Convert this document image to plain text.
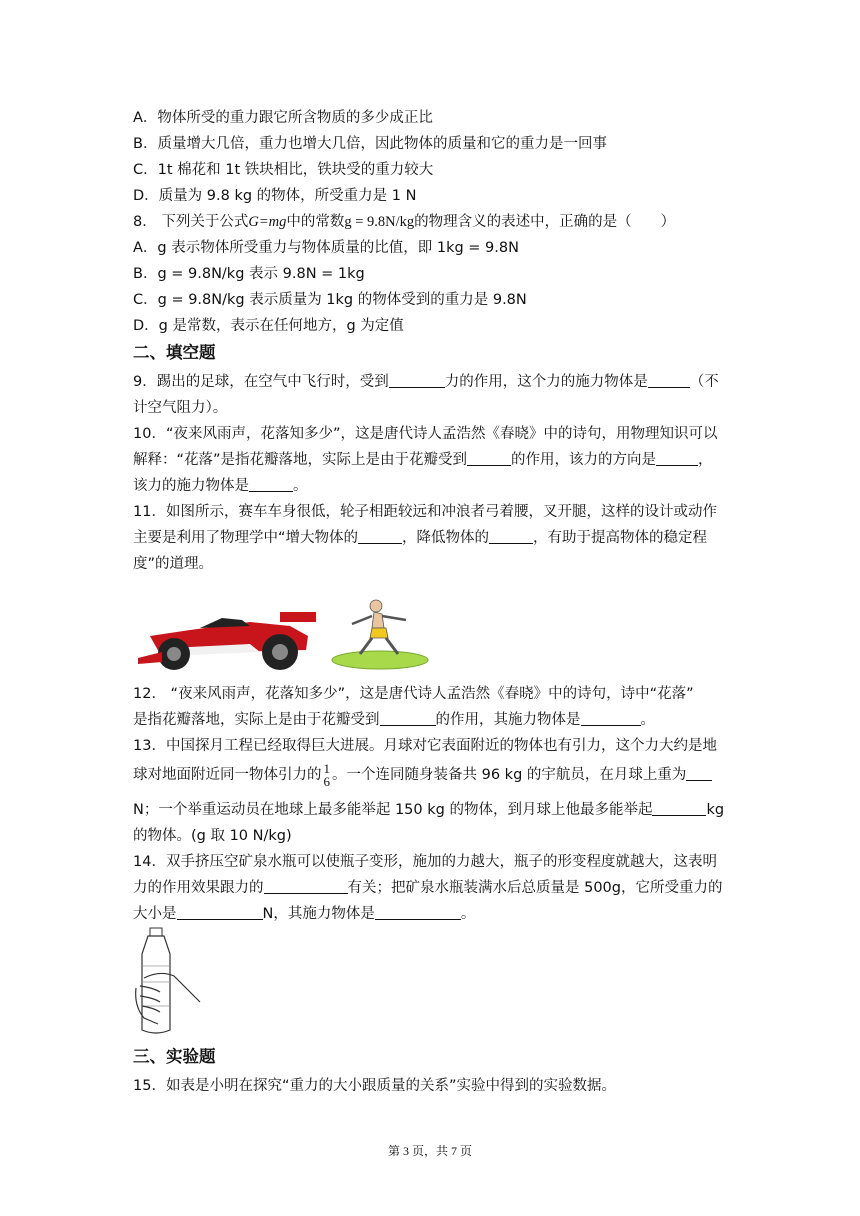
A．物体所受的重力跟它所含物质的多少成正比
B．质量增大几倍，重力也增大几倍，因此物体的质量和它的重力是一回事
C．1t 棉花和 1t 铁块相比，铁块受的重力较大
D．质量为 9.8 kg 的物体，所受重力是 1 N
8． 下列关于公式G=mg中的常数g = 9.8N/kg的物理含义的表述中，正确的是（　　）
A．g 表示物体所受重力与物体质量的比值，即 1kg = 9.8N
B．g = 9.8N/kg 表示 9.8N = 1kg
C．g = 9.8N/kg 表示质量为 1kg 的物体受到的重力是 9.8N
D．g 是常数，表示在任何地方，g 为定值
二、填空题
9．踢出的足球，在空气中飞行时，受到	力的作用，这个力的施力物体是	（不
计空气阻力）。
10．“夜来风雨声，花落知多少”，这是唐代诗人孟浩然《春晓》中的诗句，用物理知识可以
解释：“花落”是指花瓣落地，实际上是由于花瓣受到	的作用，该力的方向是	，
该力的施力物体是	。
11．如图所示，赛车车身很低，轮子相距较远和冲浪者弓着腰，叉开腿，这样的设计或动作
主要是利用了物理学中“增大物体的	，降低物体的	，有助于提高物体的稳定程
度”的道理。
12． “夜来风雨声，花落知多少”，这是唐代诗人孟浩然《春晓》中的诗句，诗中“花落”
是指花瓣落地，实际上是由于花瓣受到	的作用，其施力物体是	。
13．中国探月工程已经取得巨大进展。月球对它表面附近的物体也有引力，这个力大约是地
球对地面附近同一物体引力的 1
6 。一个连同随身装备共 96 kg 的宇航员，在月球上重为
N；一个举重运动员在地球上最多能举起 150 kg 的物体，到月球上他最多能举起	kg
的物体。(g 取 10 N/kg)
14．双手挤压空矿泉水瓶可以使瓶子变形，施加的力越大，瓶子的形变程度就越大，这表明
力的作用效果跟力的	有关；把矿泉水瓶装满水后总质量是 500g，它所受重力的
大小是	N，其施力物体是	。
三、实验题
15．如表是小明在探究“重力的大小跟质量的关系”实验中得到的实验数据。
第 3 页，共 7 页
